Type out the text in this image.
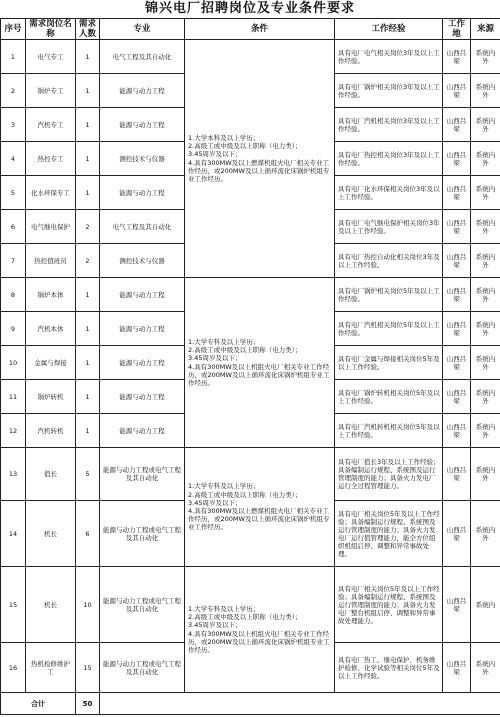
锦兴电厂招聘岗位及专业条件要求
序号	需求岗位名称	需求人数	专业	条件	工作经验	工作地	来源
1	电气专工	1	电气工程及其自动化	1.大学本科及以上学历；
2.高级工或中级及以上职称（电力类）；
3.45周岁及以下；
4.具有300MW及以上燃煤机组火电厂相关专业工作经历，或200MW及以上循环流化床锅炉机组专业工作经历。	具有电厂电气相关岗位3年及以上工作经验。	山西吕梁	系统内外
2	锅炉专工	1	能源与动力工程		具有电厂锅炉相关岗位3年及以上工作经验。	山西吕梁	系统内外
3	汽机专工	1	能源与动力工程		具有电厂汽机相关岗位3年及以上工作经验。	山西吕梁	系统内外
4	热控专工	1	测控技术与仪器		具有电厂热控相关岗位3年及以上工作经验。	山西吕梁	系统内外
5	化水环保专工	1	能源与动力工程		具有电厂化水环保相关岗位3年及以上工作经验。	山西吕梁	系统内外
6	电气继电保护	2	电气工程及其自动化		具有电厂电气继电保护相关岗位3年及以上工作经验。	山西吕梁	系统内外
7	热控值班员	2	测控技术与仪器		具有电厂热控自动化相关岗位3年及以上工作经验。	山西吕梁	系统内外
8	锅炉本体	1	能源与动力工程	1.大学专科及以上学历；
2.高级工或中级及以上职称（电力类）；
3.45周岁及以下；
4.具有300MW及以上机组火电厂相关专业工作经历，或200MW及以上循环流化床锅炉机组专业工作经历。	具有电厂锅炉相关岗位5年及以上工作经验。	山西吕梁	系统内外
9	汽机本体	1	能源与动力工程		具有电厂汽机相关岗位5年及以上工作经验。	山西吕梁	系统内外
10	金属与焊接	1	能源与动力工程		具有电厂金属与焊接相关岗位5年及以上工作经验。	山西吕梁	系统内外
11	锅炉转机	1	能源与动力工程		具有电厂锅炉转机相关岗位5年及以上工作经验。	山西吕梁	系统内外
12	汽机转机	1	能源与动力工程		具有电厂汽机转机相关岗位5年及以上工作经验。	山西吕梁	系统内外
13	值长	5	能源与动力工程或电气工程及其自动化	1.大学专科及以上学历；
2.高级工或中级及以上职称（电力类）；
3.45周岁及以下；
4.具有300MW及以上燃煤机组火电厂相关专业工作经历，或200MW及以上循环流化床锅炉机组专业工作经历。	具有电厂值长3年及以上工作经验；具备编制运行规程、系统图及运行管理制度的能力；具备火力发电厂运行全过程管理能力。	山西吕梁	系统内外
14	机长	6	能源与动力工程或电气工程及其自动化		具有电厂相关岗位5年及以上工作经验；具备编制运行规程、系统图及运行管理制度的能力；具备火力发电厂运行值管理能力，能全方位组织机组启停、调整和异常事故处理。	山西吕梁	系统内外
15	机长	10	能源与动力工程或电气工程及其自动化	1.大学专科及以上学历；
2.高级工或中级及以上职称（电力类）；
3.45周岁及以下；
4.具有300MW及以上机组火电厂相关专业工作经历，或200MW及以上循环流化床锅炉机组专业工作经历。	具有电厂相关岗位5年及以上工作经验；具备编制运行规程、系统图及运行管理制度的能力；具备火力发电厂整台机组启停、调整和异常事故处理能力。	山西吕梁	系统内
16	热机检修维护工	15	能源与动力工程或电气工程及其自动化		具有电厂热工、继电保护、机务维护检修、化学试验等相关岗位5年及以上工作经验。	山西吕梁	系统内外
合计		50					
